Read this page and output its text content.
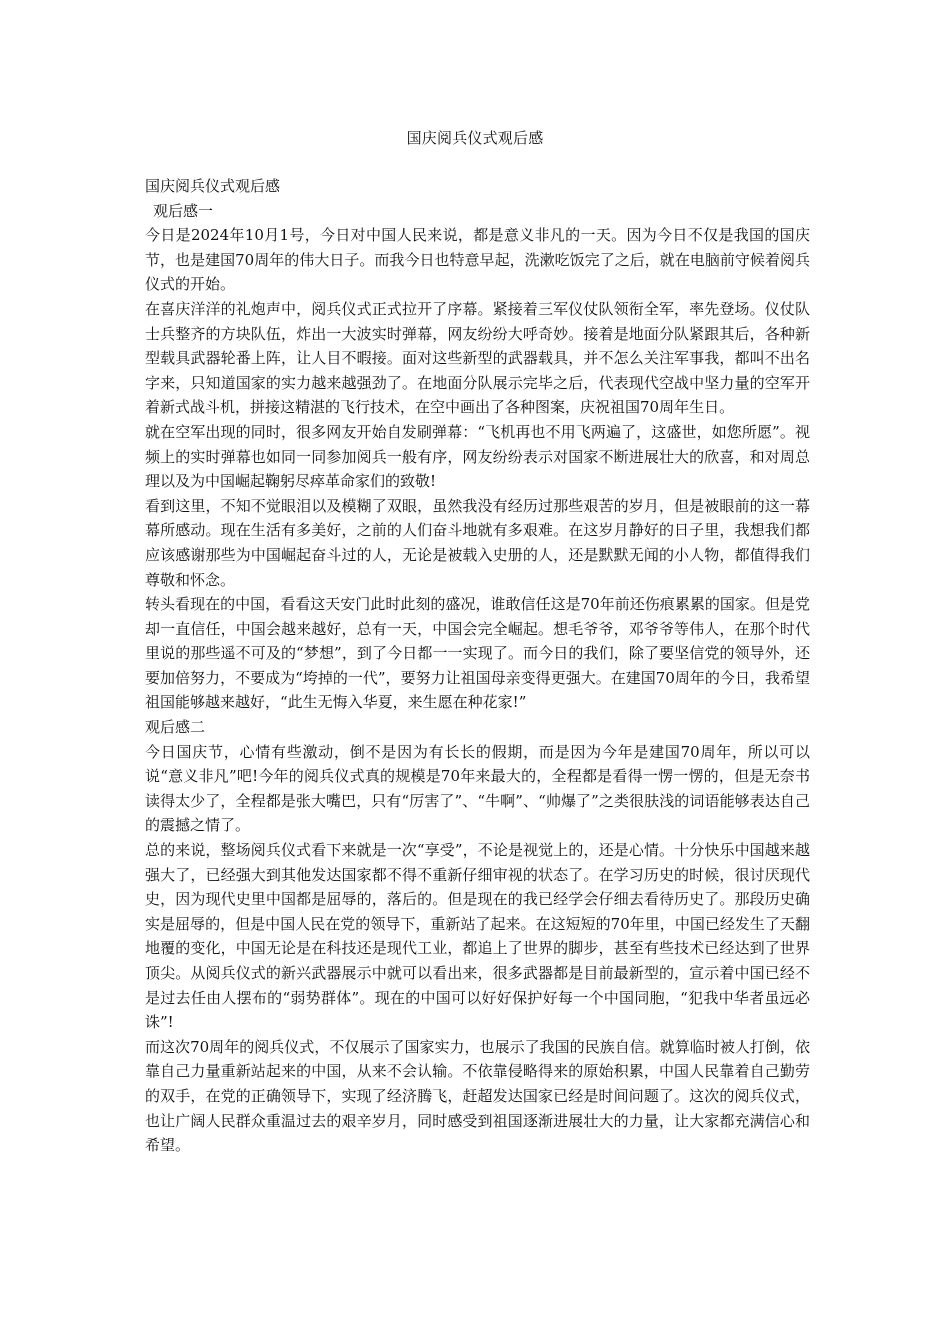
国庆阅兵仪式观后感

国庆阅兵仪式观后感

观后感一

今日是2024年10月1号，今日对中国人民来说，都是意义非凡的一天。因为今日不仅是我国的国庆节，也是建国70周年的伟大日子。而我今日也特意早起，洗漱吃饭完了之后，就在电脑前守候着阅兵仪式的开始。

在喜庆洋洋的礼炮声中，阅兵仪式正式拉开了序幕。紧接着三军仪仗队领衔全军，率先登场。仪仗队士兵整齐的方块队伍，炸出一大波实时弹幕，网友纷纷大呼奇妙。接着是地面分队紧跟其后，各种新型载具武器轮番上阵，让人目不暇接。面对这些新型的武器载具，并不怎么关注军事我，都叫不出名字来，只知道国家的实力越来越强劲了。在地面分队展示完毕之后，代表现代空战中坚力量的空军开着新式战斗机，拼接这精湛的飞行技术，在空中画出了各种图案，庆祝祖国70周年生日。

就在空军出现的同时，很多网友开始自发刷弹幕：“飞机再也不用飞两遍了，这盛世，如您所愿”。视频上的实时弹幕也如同一同参加阅兵一般有序，网友纷纷表示对国家不断进展壮大的欣喜，和对周总理以及为中国崛起鞠躬尽瘁革命家们的致敬!

看到这里，不知不觉眼泪以及模糊了双眼，虽然我没有经历过那些艰苦的岁月，但是被眼前的这一幕幕所感动。现在生活有多美好，之前的人们奋斗地就有多艰难。在这岁月静好的日子里，我想我们都应该感谢那些为中国崛起奋斗过的人，无论是被载入史册的人，还是默默无闻的小人物，都值得我们尊敬和怀念。

转头看现在的中国，看看这天安门此时此刻的盛况，谁敢信任这是70年前还伤痕累累的国家。但是党却一直信任，中国会越来越好，总有一天，中国会完全崛起。想毛爷爷，邓爷爷等伟人，在那个时代里说的那些遥不可及的“梦想”，到了今日都一一实现了。而今日的我们，除了要坚信党的领导外，还要加倍努力，不要成为“垮掉的一代”，要努力让祖国母亲变得更强大。在建国70周年的今日，我希望祖国能够越来越好，“此生无悔入华夏，来生愿在种花家!”

观后感二

今日国庆节，心情有些激动，倒不是因为有长长的假期，而是因为今年是建国70周年，所以可以说“意义非凡”吧!今年的阅兵仪式真的规模是70年来最大的，全程都是看得一愣一愣的，但是无奈书读得太少了，全程都是张大嘴巴，只有“厉害了”、“牛啊”、“帅爆了”之类很肤浅的词语能够表达自己的震撼之情了。

总的来说，整场阅兵仪式看下来就是一次“享受”，不论是视觉上的，还是心情。十分快乐中国越来越强大了，已经强大到其他发达国家都不得不重新仔细审视的状态了。在学习历史的时候，很讨厌现代史，因为现代史里中国都是屈辱的，落后的。但是现在的我已经学会仔细去看待历史了。那段历史确实是屈辱的，但是中国人民在党的领导下，重新站了起来。在这短短的70年里，中国已经发生了天翻地覆的变化，中国无论是在科技还是现代工业，都追上了世界的脚步，甚至有些技术已经达到了世界顶尖。从阅兵仪式的新兴武器展示中就可以看出来，很多武器都是目前最新型的，宣示着中国已经不是过去任由人摆布的“弱势群体”。现在的中国可以好好保护好每一个中国同胞，“犯我中华者虽远必诛”!

而这次70周年的阅兵仪式，不仅展示了国家实力，也展示了我国的民族自信。就算临时被人打倒，依靠自己力量重新站起来的中国，从来不会认输。不依靠侵略得来的原始积累，中国人民靠着自己勤劳的双手，在党的正确领导下，实现了经济腾飞，赶超发达国家已经是时间问题了。这次的阅兵仪式，也让广阔人民群众重温过去的艰辛岁月，同时感受到祖国逐渐进展壮大的力量，让大家都充满信心和希望。
